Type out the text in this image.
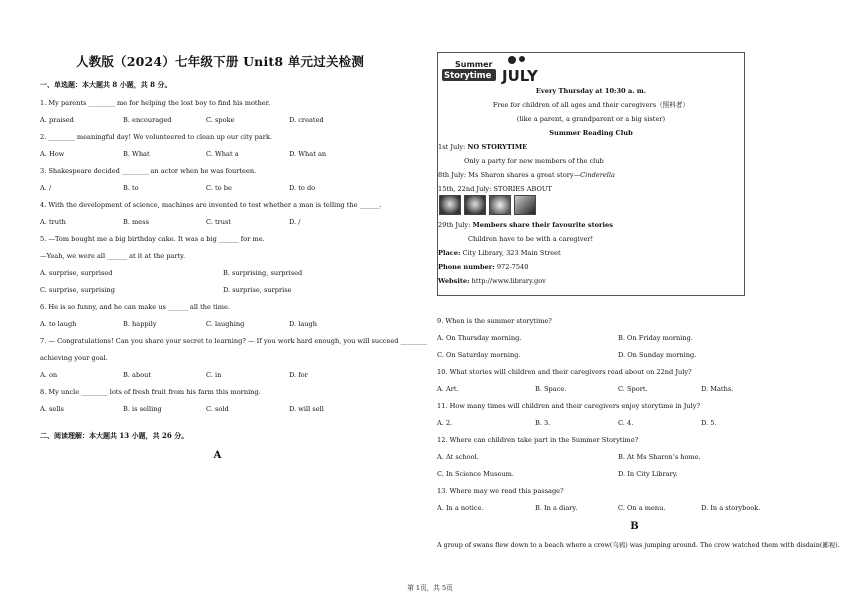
人教版（2024）七年级下册 Unit8 单元过关检测
一、单选题：本大题共 8 小题，共 8 分。
1. My parents ________ me for helping the lost boy to find his mother.
A. praised	B. encouraged	C. spoke	D. created
2. ________ meaningful day! We volunteered to clean up our city park.
A. How	B. What	C. What a	D. What an
3. Shakespeare decided ________ an actor when he was fourteen.
A. /	B. to	C. to be	D. to do
4. With the development of science, machines are invented to test whether a man is telling the ______.
A. truth	B. mess	C. trust	D. /
5. —Tom bought me a big birthday cake. It was a big ______ for me.
—Yeah, we were all ______ at it at the party.
A. surprise, surprised	B. surprising, surprised
C. surprise, surprising	D. surprise, surprise
6. He is so funny, and he can make us ______ all the time.
A. to laugh	B. happily	C. laughing	D. laugh
7. — Congratulations! Can you share your secret to learning? — If you work hard enough, you will succeed ________
achieving your goal.
A. on	B. about	C. in	D. for
8. My uncle ________ lots of fresh fruit from his farm this morning.
A. sells	B. is selling	C. sold	D. will sell
二、阅读理解：本大题共 13 小题，共 26 分。
A
Summer
Storytime JULY
Every Thursday at 10:30 a. m.
Free for children of all ages and their caregivers（照料者）
(like a parent, a grandparent or a big sister)
Summer Reading Club
1st July: NO STORYTIME
Only a party for new members of the club
8th July: Ms Sharon shares a great story—Cinderella
15th, 22nd July: STORIES ABOUT
29th July: Members share their favourite stories
Children have to be with a caregiver!
Place: City Library, 323 Main Street
Phone number: 972-7540
Website: http://www.library.gov
9. When is the summer storytime?
A. On Thursday morning.	B. On Friday morning.
C. On Saturday morning.	D. On Sunday morning.
10. What stories will children and their caregivers read about on 22nd July?
A. Art.	B. Space.	C. Sport.	D. Maths.
11. How many times will children and their caregivers enjoy storytime in July?
A. 2.	B. 3.	C. 4.	D. 5.
12. Where can children take part in the Summer Storytime?
A. At school.	B. At Ms Sharon’s home.
C. In Science Museum.	D. In City Library.
13. Where may we read this passage?
A. In a notice.	B. In a diary.	C. On a menu.	D. In a storybook.
B
A group of swans flew down to a beach where a crow(乌鸦) was jumping around. The crow watched them with disdain(鄙视).
第 1页，共 5页
